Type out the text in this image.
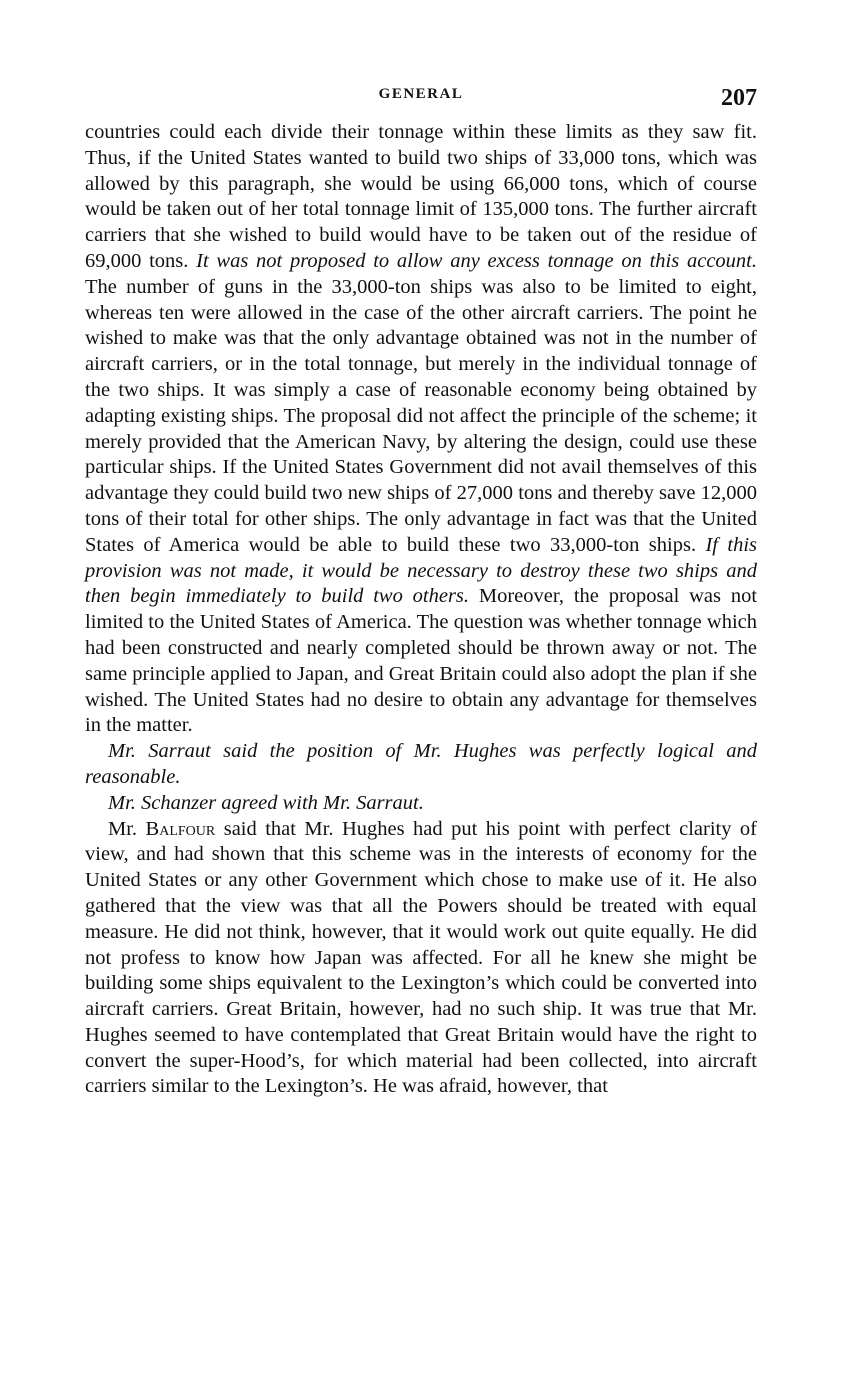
GENERAL	207

countries could each divide their tonnage within these limits as they saw fit. Thus, if the United States wanted to build two ships of 33,000 tons, which was allowed by this paragraph, she would be using 66,000 tons, which of course would be taken out of her total tonnage limit of 135,000 tons. The further aircraft carriers that she wished to build would have to be taken out of the residue of 69,000 tons. It was not proposed to allow any excess tonnage on this account. The number of guns in the 33,000-ton ships was also to be limited to eight, whereas ten were allowed in the case of the other aircraft carriers. The point he wished to make was that the only advantage obtained was not in the number of aircraft carriers, or in the total tonnage, but merely in the individual tonnage of the two ships. It was simply a case of reasonable economy being obtained by adapting existing ships. The proposal did not affect the principle of the scheme; it merely provided that the American Navy, by altering the design, could use these particular ships. If the United States Government did not avail themselves of this advantage they could build two new ships of 27,000 tons and thereby save 12,000 tons of their total for other ships. The only advantage in fact was that the United States of America would be able to build these two 33,000-ton ships. If this provision was not made, it would be necessary to destroy these two ships and then begin immediately to build two others. Moreover, the proposal was not limited to the United States of America. The question was whether tonnage which had been constructed and nearly completed should be thrown away or not. The same principle applied to Japan, and Great Britain could also adopt the plan if she wished. The United States had no desire to obtain any advantage for themselves in the matter.

Mr. Sarraut said the position of Mr. Hughes was perfectly logical and reasonable.

Mr. Schanzer agreed with Mr. Sarraut.

Mr. Balfour said that Mr. Hughes had put his point with perfect clarity of view, and had shown that this scheme was in the interests of economy for the United States or any other Government which chose to make use of it. He also gathered that the view was that all the Powers should be treated with equal measure. He did not think, however, that it would work out quite equally. He did not profess to know how Japan was affected. For all he knew she might be building some ships equivalent to the Lexington’s which could be converted into aircraft carriers. Great Britain, however, had no such ship. It was true that Mr. Hughes seemed to have contemplated that Great Britain would have the right to convert the super-Hood’s, for which material had been collected, into aircraft carriers similar to the Lexington’s. He was afraid, however, that
